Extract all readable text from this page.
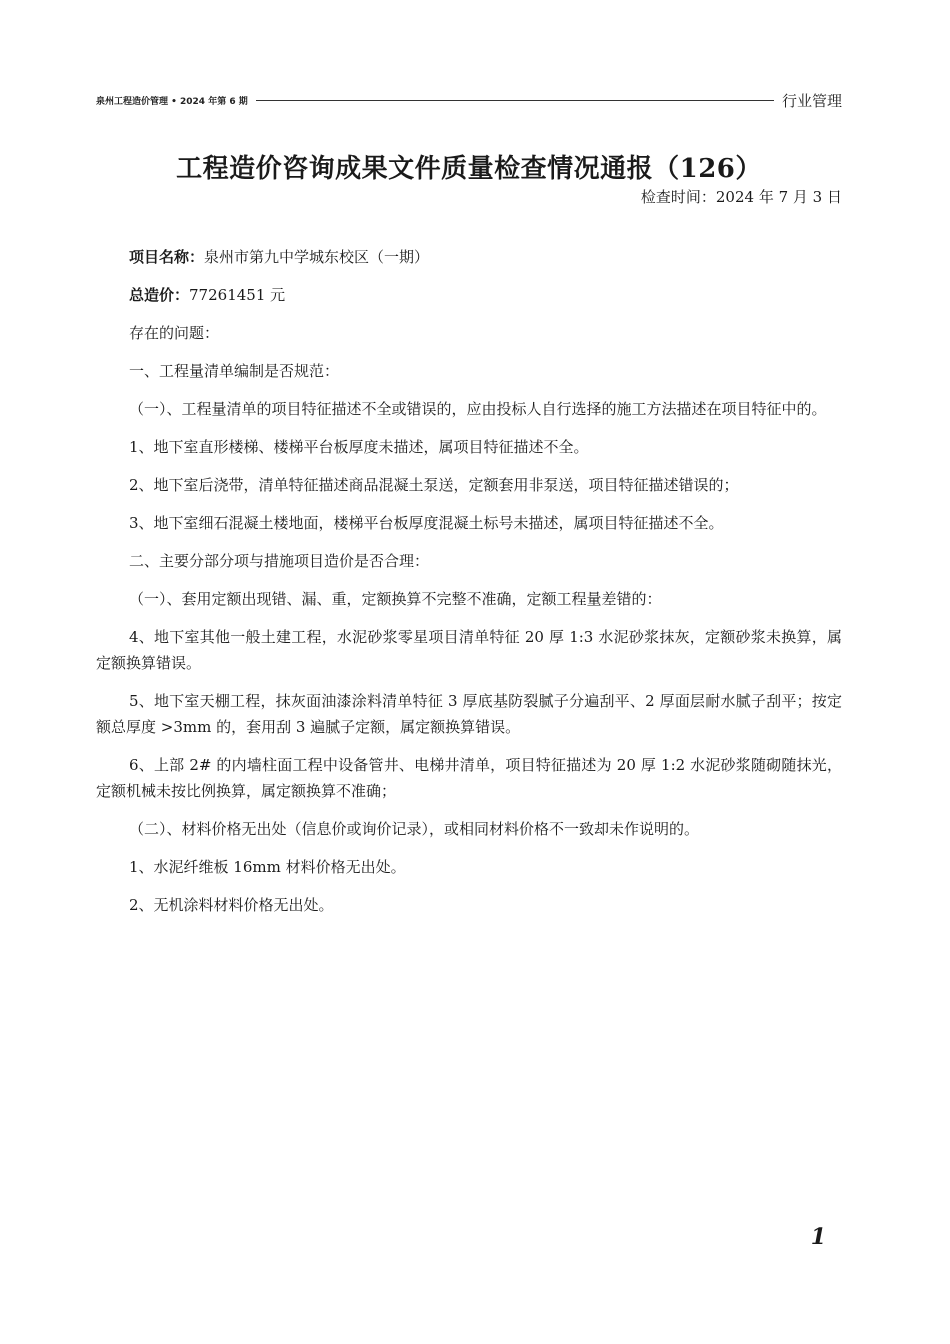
泉州工程造价管理 • 2024 年第 6 期	行业管理
工程造价咨询成果文件质量检查情况通报（126）
检查时间：2024 年 7 月 3 日

项目名称：泉州市第九中学城东校区（一期）

总造价：77261451 元

存在的问题：

一、工程量清单编制是否规范：

（一）、工程量清单的项目特征描述不全或错误的，应由投标人自行选择的施工方法描述在项目特征中的。

1、地下室直形楼梯、楼梯平台板厚度未描述，属项目特征描述不全。

2、地下室后浇带，清单特征描述商品混凝土泵送，定额套用非泵送，项目特征描述错误的；

3、地下室细石混凝土楼地面，楼梯平台板厚度混凝土标号未描述，属项目特征描述不全。

二、主要分部分项与措施项目造价是否合理：

（一）、套用定额出现错、漏、重，定额换算不完整不准确，定额工程量差错的：

4、地下室其他一般土建工程，水泥砂浆零星项目清单特征 20 厚 1:3 水泥砂浆抹灰，定额砂浆未换算，属定额换算错误。

5、地下室天棚工程，抹灰面油漆涂料清单特征 3 厚底基防裂腻子分遍刮平、2 厚面层耐水腻子刮平；按定额总厚度 >3mm 的，套用刮 3 遍腻子定额，属定额换算错误。

6、上部 2# 的内墙柱面工程中设备管井、电梯井清单，项目特征描述为 20 厚 1:2 水泥砂浆随砌随抹光，定额机械未按比例换算，属定额换算不准确；

（二）、材料价格无出处（信息价或询价记录），或相同材料价格不一致却未作说明的。

1、水泥纤维板 16mm 材料价格无出处。

2、无机涂料材料价格无出处。

1
